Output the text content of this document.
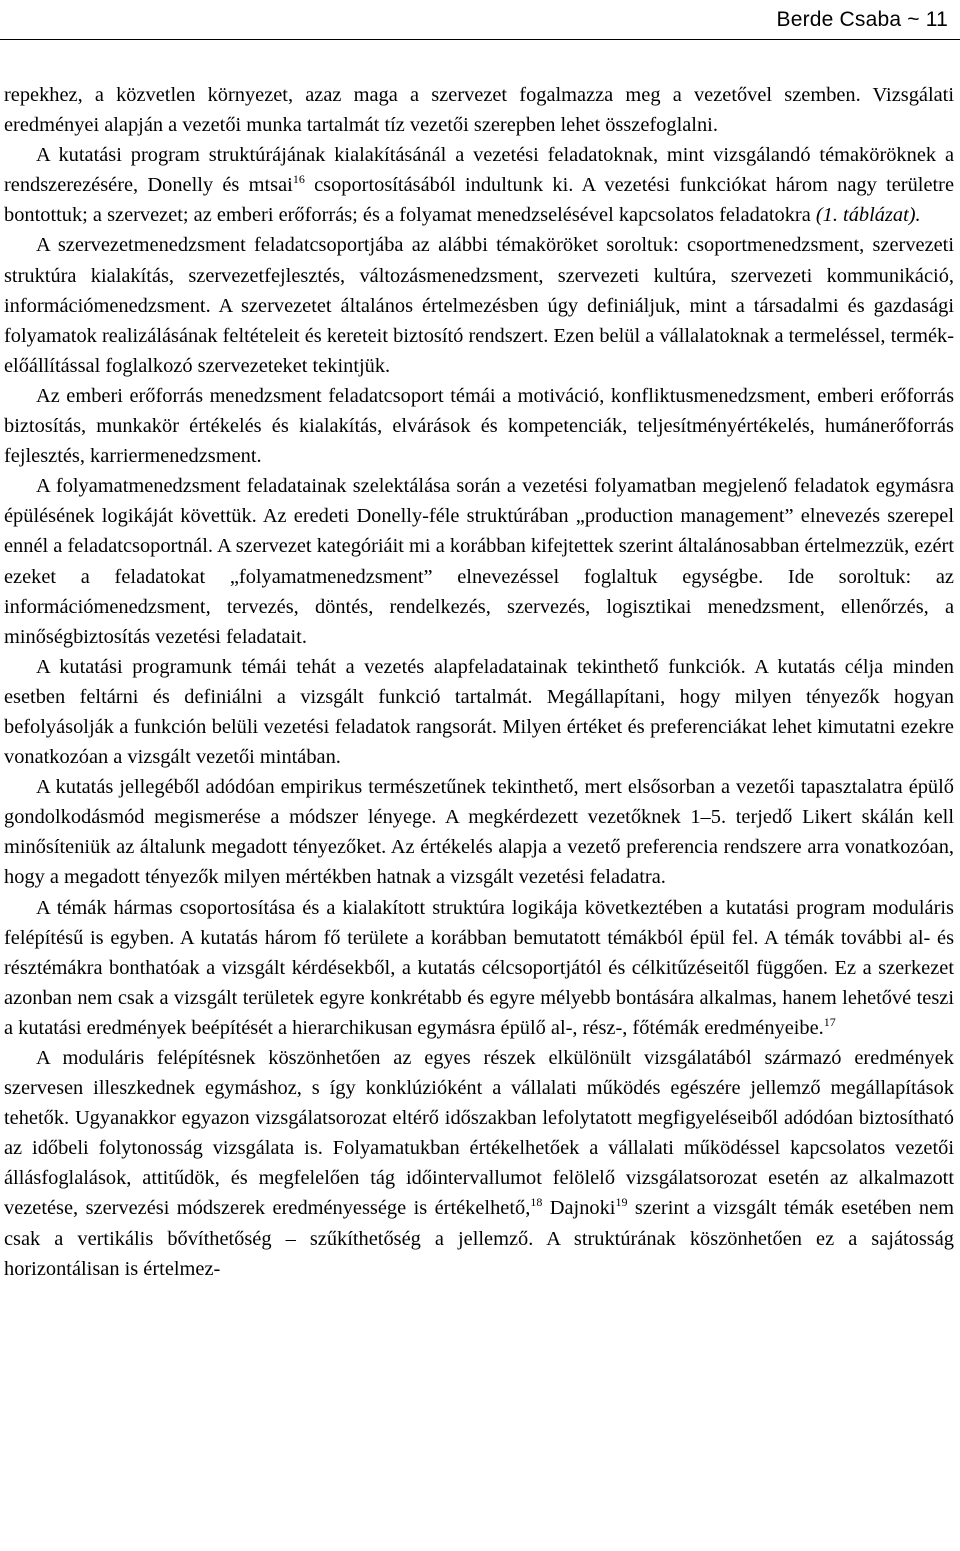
Berde Csaba ~ 11

repekhez, a közvetlen környezet, azaz maga a szervezet fogalmazza meg a vezetővel szemben. Vizsgálati eredményei alapján a vezetői munka tartalmát tíz vezetői szerepben lehet összefoglalni.

A kutatási program struktúrájának kialakításánál a vezetési feladatoknak, mint vizsgálandó témaköröknek a rendszerezésére, Donelly és mtsai$^{16}$ csoportosításából indultunk ki. A vezetési funkciókat három nagy területre bontottuk; a szervezet; az emberi erőforrás; és a folyamat menedzselésével kapcsolatos feladatokra (1. táblázat).

A szervezetmenedzsment feladatcsoportjába az alábbi témaköröket soroltuk: csoportmenedzsment, szervezeti struktúra kialakítás, szervezetfejlesztés, változásmenedzsment, szervezeti kultúra, szervezeti kommunikáció, információmenedzsment. A szervezetet általános értelmezésben úgy definiáljuk, mint a társadalmi és gazdasági folyamatok realizálásának feltételeit és kereteit biztosító rendszert. Ezen belül a vállalatoknak a termeléssel, termék-előállítással foglalkozó szervezeteket tekintjük.

Az emberi erőforrás menedzsment feladatcsoport témái a motiváció, konfliktusmenedzsment, emberi erőforrás biztosítás, munkakör értékelés és kialakítás, elvárások és kompetenciák, teljesítményértékelés, humánerőforrás fejlesztés, karriermenedzsment.

A folyamatmenedzsment feladatainak szelektálása során a vezetési folyamatban megjelenő feladatok egymásra épülésének logikáját követtük. Az eredeti Donelly-féle struktúrában „production management” elnevezés szerepel ennél a feladatcsoportnál. A szervezet kategóriáit mi a korábban kifejtettek szerint általánosabban értelmezzük, ezért ezeket a feladatokat „folyamatmenedzsment” elnevezéssel foglaltuk egységbe. Ide soroltuk: az információmenedzsment, tervezés, döntés, rendelkezés, szervezés, logisztikai menedzsment, ellenőrzés, a minőségbiztosítás vezetési feladatait.

A kutatási programunk témái tehát a vezetés alapfeladatainak tekinthető funkciók. A kutatás célja minden esetben feltárni és definiálni a vizsgált funkció tartalmát. Megállapítani, hogy milyen tényezők hogyan befolyásolják a funkción belüli vezetési feladatok rangsorát. Milyen értéket és preferenciákat lehet kimutatni ezekre vonatkozóan a vizsgált vezetői mintában.

A kutatás jellegéből adódóan empirikus természetűnek tekinthető, mert elsősorban a vezetői tapasztalatra épülő gondolkodásmód megismerése a módszer lényege. A megkérdezett vezetőknek 1–5. terjedő Likert skálán kell minősíteniük az általunk megadott tényezőket. Az értékelés alapja a vezető preferencia rendszere arra vonatkozóan, hogy a megadott tényezők milyen mértékben hatnak a vizsgált vezetési feladatra.

A témák hármas csoportosítása és a kialakított struktúra logikája következtében a kutatási program moduláris felépítésű is egyben. A kutatás három fő területe a korábban bemutatott témákból épül fel. A témák további al- és résztémákra bonthatóak a vizsgált kérdésekből, a kutatás célcsoportjától és célkitűzéseitől függően. Ez a szerkezet azonban nem csak a vizsgált területek egyre konkrétabb és egyre mélyebb bontására alkalmas, hanem lehetővé teszi a kutatási eredmények beépítését a hierarchikusan egymásra épülő al-, rész-, főtémák eredményeibe.$^{17}$

A moduláris felépítésnek köszönhetően az egyes részek elkülönült vizsgálatából származó eredmények szervesen illeszkednek egymáshoz, s így konklúzióként a vállalati működés egészére jellemző megállapítások tehetők. Ugyanakkor egyazon vizsgálatsorozat eltérő időszakban lefolytatott megfigyeléseiből adódóan biztosítható az időbeli folytonosság vizsgálata is. Folyamatukban értékelhetőek a vállalati működéssel kapcsolatos vezetői állásfoglalások, attitűdök, és megfelelően tág időintervallumot felölelő vizsgálatsorozat esetén az alkalmazott vezetése, szervezési módszerek eredményessége is értékelhető,$^{18}$ Dajnoki$^{19}$ szerint a vizsgált témák esetében nem csak a vertikális bővíthetőség – szűkíthetőség a jellemző. A struktúrának köszönhetően ez a sajátosság horizontálisan is értelmez-
